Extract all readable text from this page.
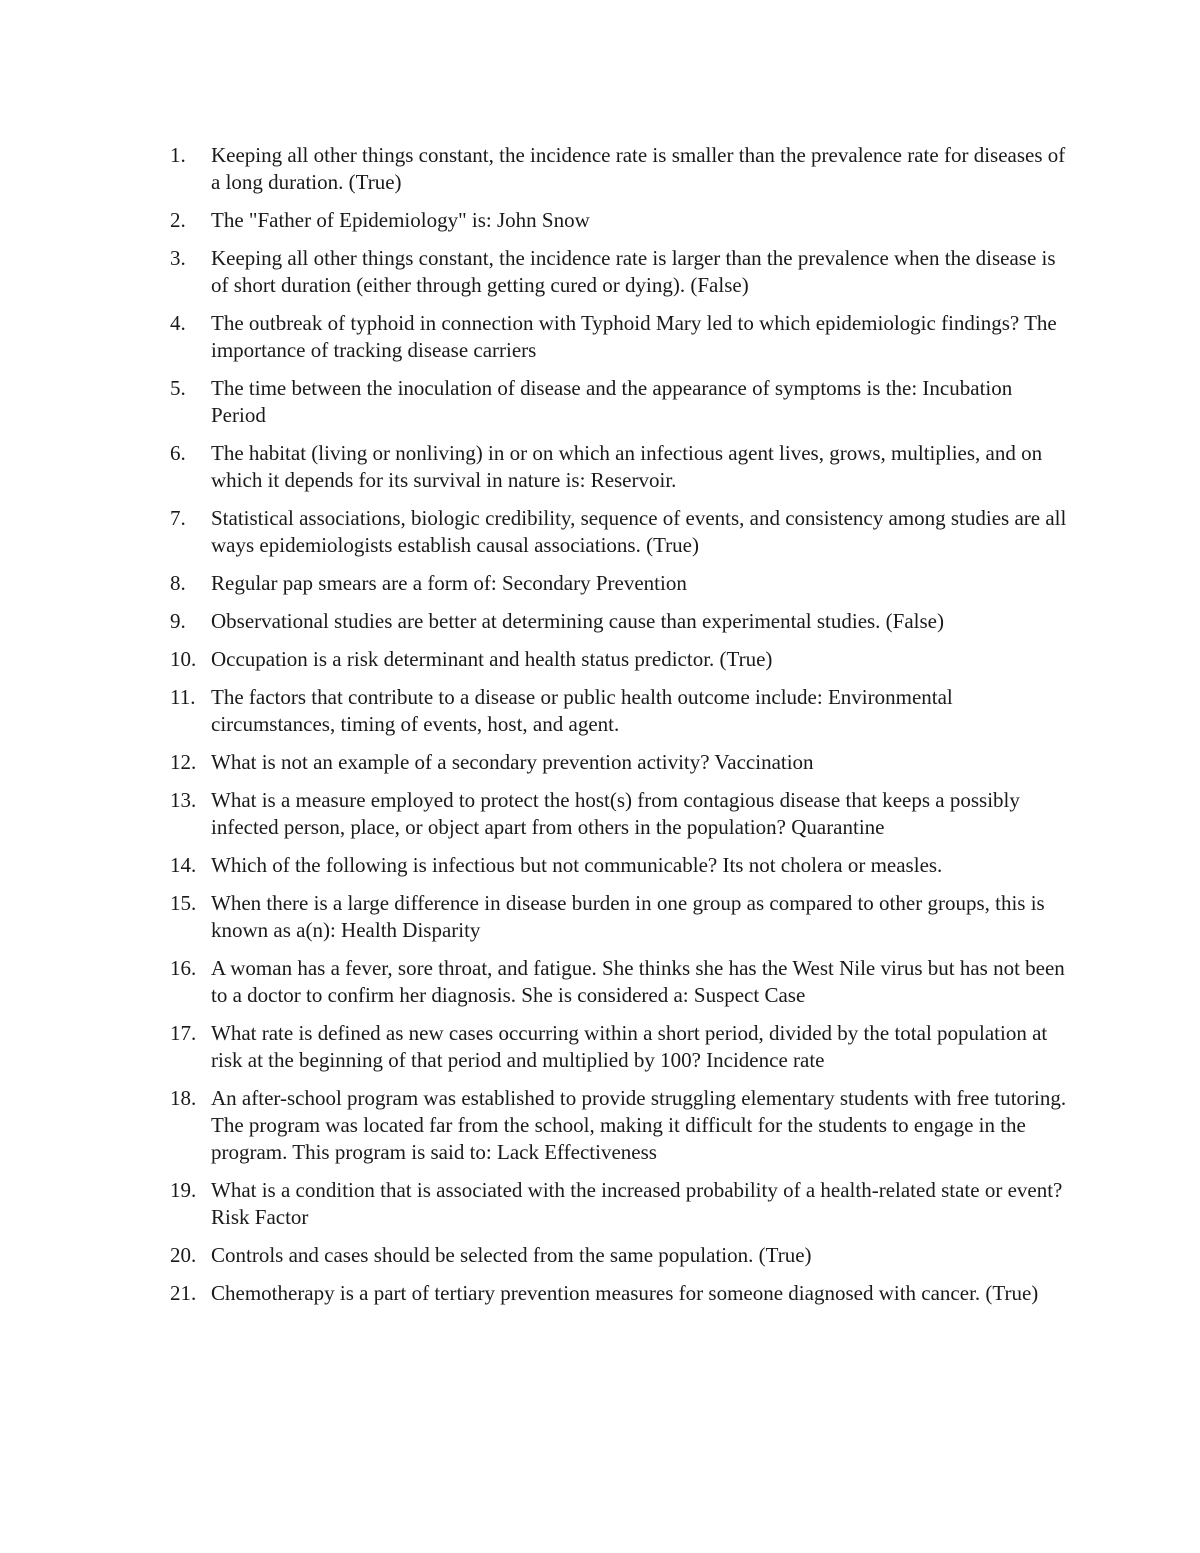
1.	Keeping all other things constant, the incidence rate is smaller than the prevalence rate for diseases of a long duration. (True)
2.	The "Father of Epidemiology" is: John Snow
3.	Keeping all other things constant, the incidence rate is larger than the prevalence when the disease is of short duration (either through getting cured or dying). (False)
4.	The outbreak of typhoid in connection with Typhoid Mary led to which epidemiologic findings? The importance of tracking disease carriers
5.	The time between the inoculation of disease and the appearance of symptoms is the: Incubation Period
6.	The habitat (living or nonliving) in or on which an infectious agent lives, grows, multiplies, and on which it depends for its survival in nature is: Reservoir.
7.	Statistical associations, biologic credibility, sequence of events, and consistency among studies are all ways epidemiologists establish causal associations. (True)
8.	Regular pap smears are a form of: Secondary Prevention
9.	Observational studies are better at determining cause than experimental studies. (False)
10. Occupation is a risk determinant and health status predictor. (True)
11. The factors that contribute to a disease or public health outcome include: Environmental circumstances, timing of events, host, and agent.
12. What is not an example of a secondary prevention activity? Vaccination
13. What is a measure employed to protect the host(s) from contagious disease that keeps a possibly infected person, place, or object apart from others in the population? Quarantine
14. Which of the following is infectious but not communicable? Its not cholera or measles.
15. When there is a large difference in disease burden in one group as compared to other groups, this is known as a(n): Health Disparity
16. A woman has a fever, sore throat, and fatigue. She thinks she has the West Nile virus but has not been to a doctor to confirm her diagnosis. She is considered a: Suspect Case
17. What rate is defined as new cases occurring within a short period, divided by the total population at risk at the beginning of that period and multiplied by 100? Incidence rate
18. An after-school program was established to provide struggling elementary students with free tutoring. The program was located far from the school, making it difficult for the students to engage in the program. This program is said to: Lack Effectiveness
19. What is a condition that is associated with the increased probability of a health-related state or event? Risk Factor
20. Controls and cases should be selected from the same population. (True)
21. Chemotherapy is a part of tertiary prevention measures for someone diagnosed with cancer. (True)
